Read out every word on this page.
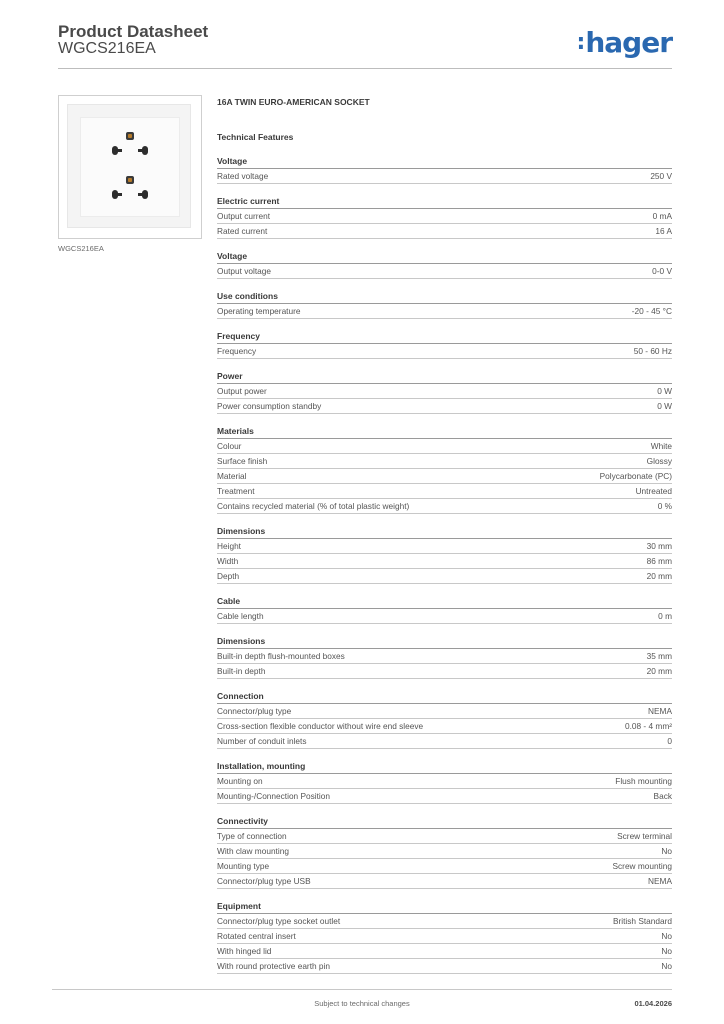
Product Datasheet
WGCS216EA	:hager
WGCS216EA
16A TWIN EURO-AMERICAN SOCKET
Technical Features
Voltage
Rated voltage	250 V
Electric current
Output current	0 mA
Rated current	16 A
Voltage
Output voltage	0-0 V
Use conditions
Operating temperature	-20 - 45 °C
Frequency
Frequency	50 - 60 Hz
Power
Output power	0 W
Power consumption standby	0 W
Materials
Colour	White
Surface finish	Glossy
Material	Polycarbonate (PC)
Treatment	Untreated
Contains recycled material (% of total plastic weight)	0 %
Dimensions
Height	30 mm
Width	86 mm
Depth	20 mm
Cable
Cable length	0 m
Dimensions
Built-in depth flush-mounted boxes	35 mm
Built-in depth	20 mm
Connection
Connector/plug type	NEMA
Cross-section flexible conductor without wire end sleeve	0.08 - 4 mm²
Number of conduit inlets	0
Installation, mounting
Mounting on	Flush mounting
Mounting-/Connection Position	Back
Connectivity
Type of connection	Screw terminal
With claw mounting	No
Mounting type	Screw mounting
Connector/plug type USB	NEMA
Equipment
Connector/plug type socket outlet	British Standard
Rotated central insert	No
With hinged lid	No
With round protective earth pin	No
Subject to technical changes	01.04.2026
